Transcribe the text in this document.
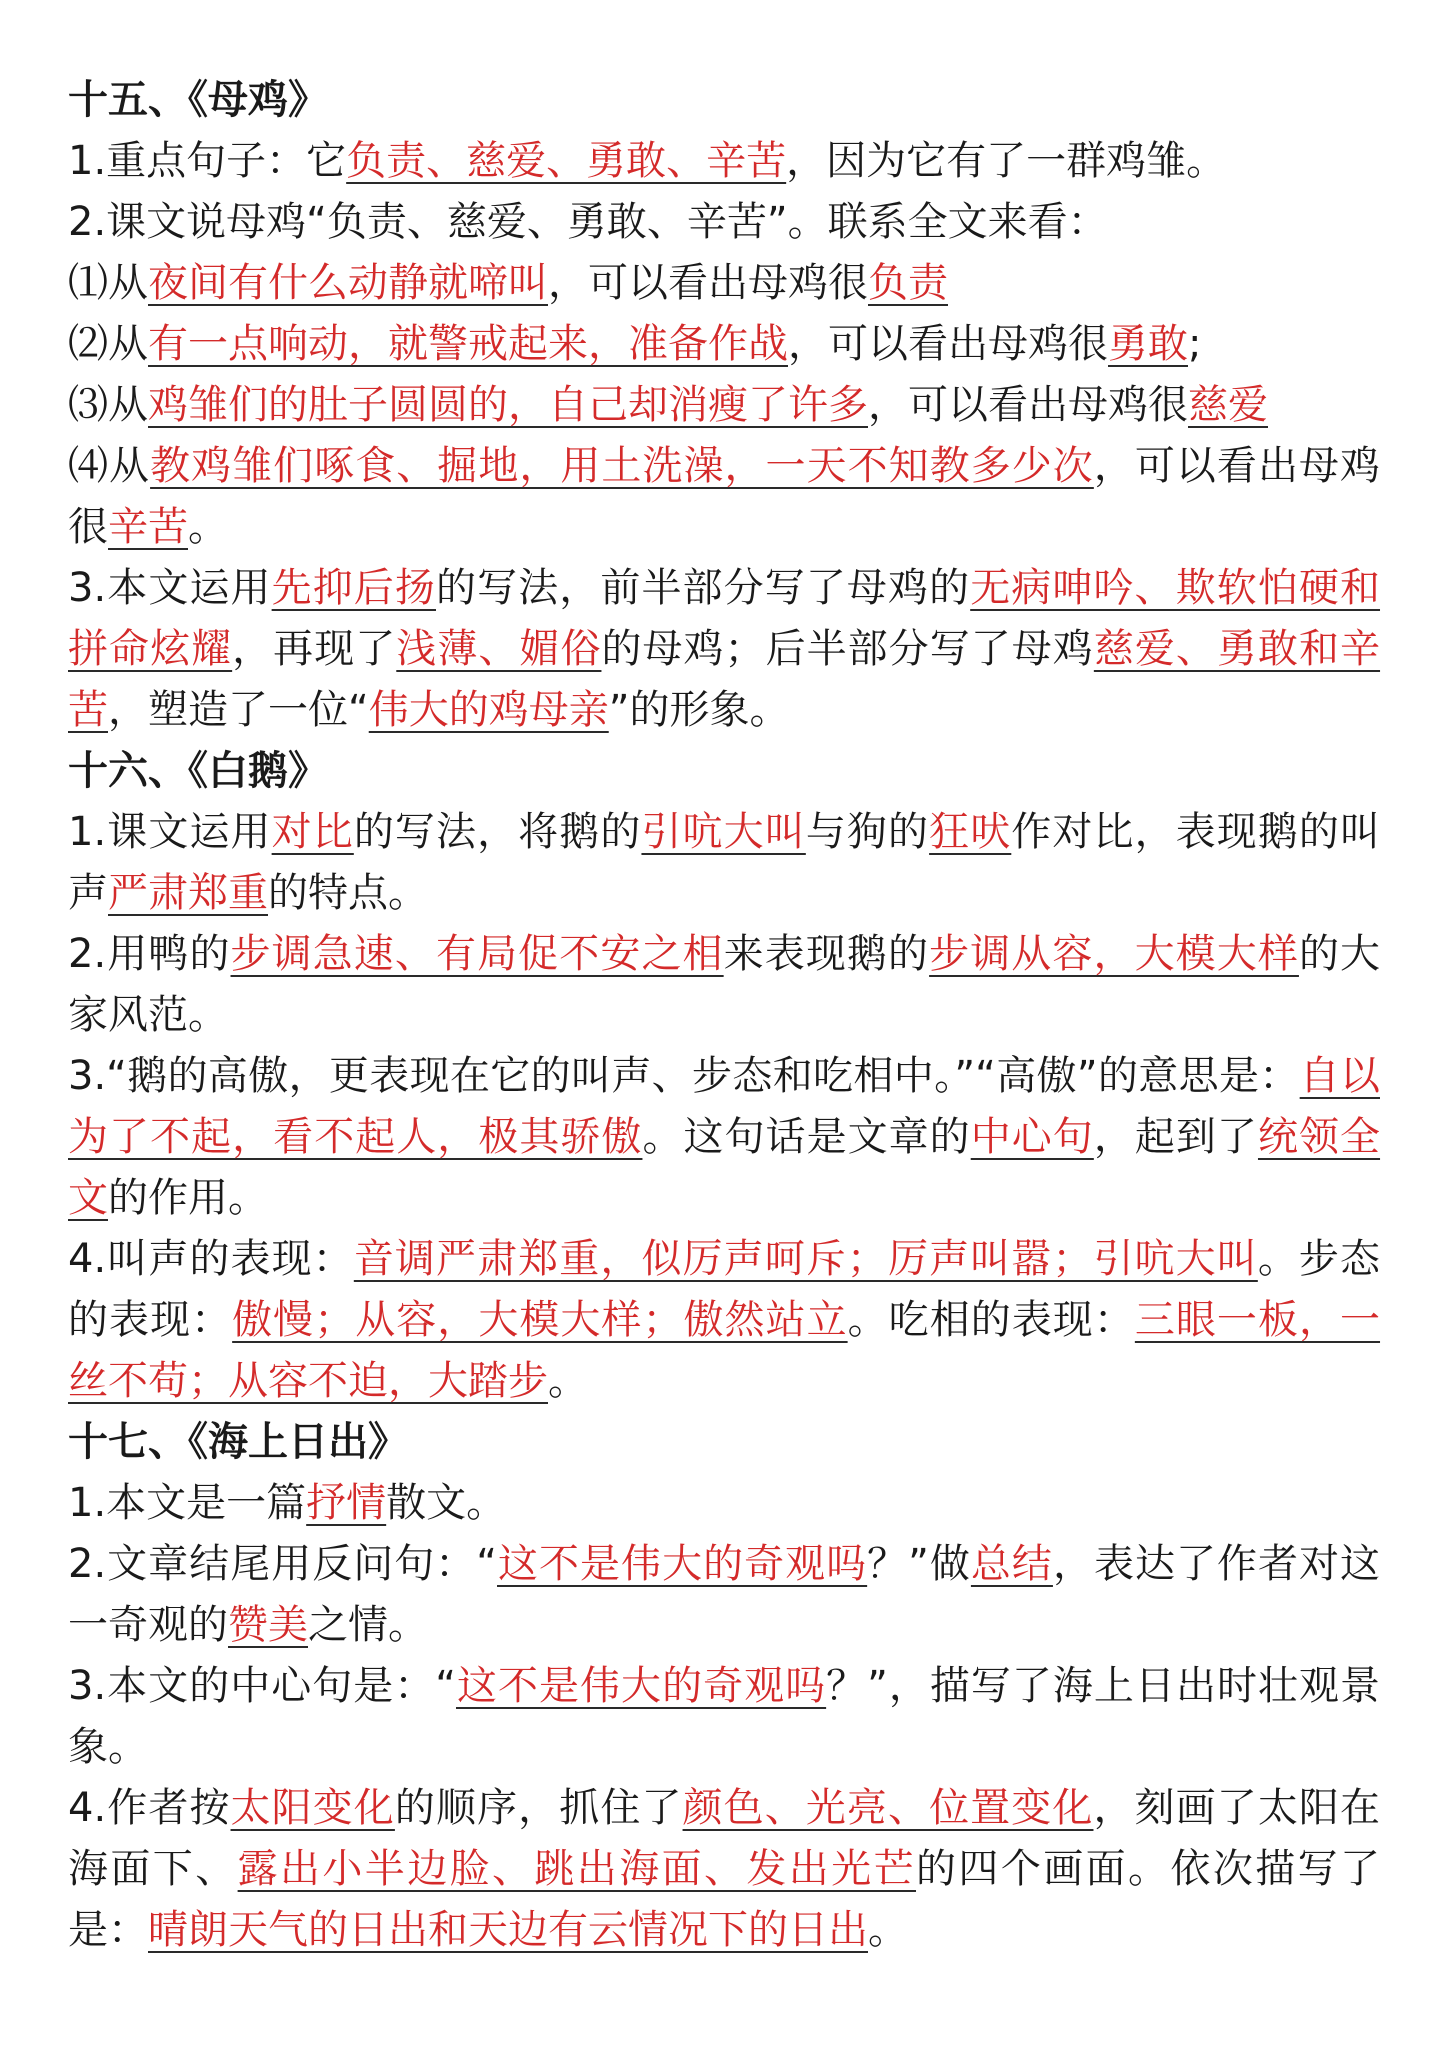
十五、《母鸡》

1.重点句子：它负责、慈爱、勇敢、辛苦，因为它有了一群鸡雏。

2.课文说母鸡“负责、慈爱、勇敢、辛苦”。联系全文来看：

⑴从夜间有什么动静就啼叫，可以看出母鸡很负责

⑵从有一点响动，就警戒起来，准备作战，可以看出母鸡很勇敢;

⑶从鸡雏们的肚子圆圆的，自己却消瘦了许多，可以看出母鸡很慈爱

⑷从教鸡雏们啄食、掘地，用土洗澡，一天不知教多少次，可以看出母鸡很辛苦。

3.本文运用先抑后扬的写法，前半部分写了母鸡的无病呻吟、欺软怕硬和拼命炫耀，再现了浅薄、媚俗的母鸡；后半部分写了母鸡慈爱、勇敢和辛苦，塑造了一位“伟大的鸡母亲”的形象。

十六、《白鹅》

1.课文运用对比的写法，将鹅的引吭大叫与狗的狂吠作对比，表现鹅的叫声严肃郑重的特点。

2.用鸭的步调急速、有局促不安之相来表现鹅的步调从容，大模大样的大家风范。

3.“鹅的高傲，更表现在它的叫声、步态和吃相中。”“高傲”的意思是：自以为了不起，看不起人，极其骄傲。这句话是文章的中心句，起到了统领全文的作用。

4.叫声的表现：音调严肃郑重，似厉声呵斥；厉声叫嚣；引吭大叫。步态的表现：傲慢；从容，大模大样；傲然站立。吃相的表现：三眼一板，一丝不苟；从容不迫，大踏步。

十七、《海上日出》

1.本文是一篇抒情散文。

2.文章结尾用反问句：“这不是伟大的奇观吗？”做总结，表达了作者对这一奇观的赞美之情。

3.本文的中心句是：“这不是伟大的奇观吗？”，描写了海上日出时壮观景象。

4.作者按太阳变化的顺序，抓住了颜色、光亮、位置变化，刻画了太阳在海面下、露出小半边脸、跳出海面、发出光芒的四个画面。依次描写了是：晴朗天气的日出和天边有云情况下的日出。
